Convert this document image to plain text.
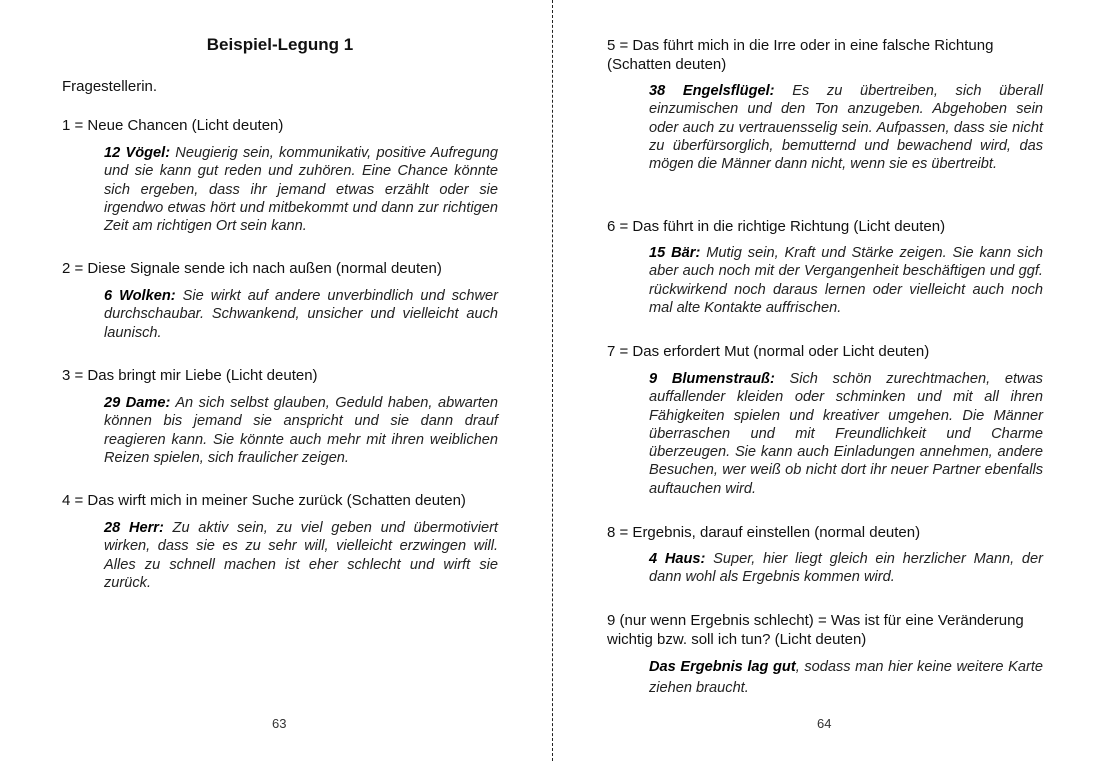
Beispiel-Legung 1
Fragestellerin.
1 = Neue Chancen (Licht deuten)
12 Vögel: Neugierig sein, kommunikativ, positive Aufregung und sie kann gut reden und zuhören. Eine Chance könnte sich ergeben, dass ihr jemand etwas erzählt oder sie irgendwo etwas hört und mitbekommt und dann zur richtigen Zeit am richtigen Ort sein kann.
2 = Diese Signale sende ich nach außen (normal deuten)
6 Wolken: Sie wirkt auf andere unverbindlich und schwer durchschaubar. Schwankend, unsicher und vielleicht auch launisch.
3 = Das bringt mir Liebe (Licht deuten)
29 Dame: An sich selbst glauben, Geduld haben, abwarten können bis jemand sie anspricht und sie dann drauf reagieren kann. Sie könnte auch mehr mit ihren weiblichen Reizen spielen, sich fraulicher zeigen.
4 = Das wirft mich in meiner Suche zurück (Schatten deuten)
28 Herr: Zu aktiv sein, zu viel geben und übermotiviert wirken, dass sie es zu sehr will, vielleicht erzwingen will. Alles zu schnell machen ist eher schlecht und wirft sie zurück.
63
5 = Das führt mich in die Irre oder in eine falsche Richtung (Schatten deuten)
38 Engelsflügel: Es zu übertreiben, sich überall einzumischen und den Ton anzugeben. Abgehoben sein oder auch zu vertrauensselig sein. Aufpassen, dass sie nicht zu überfürsorglich, bemutternd und bewachend wird, das mögen die Männer dann nicht, wenn sie es übertreibt.
6 = Das führt in die richtige Richtung (Licht deuten)
15 Bär: Mutig sein, Kraft und Stärke zeigen. Sie kann sich aber auch noch mit der Vergangenheit beschäftigen und ggf. rückwirkend noch daraus lernen oder vielleicht auch noch mal alte Kontakte auffrischen.
7 = Das erfordert Mut (normal oder Licht deuten)
9 Blumenstrauß: Sich schön zurechtmachen, etwas auffallender kleiden oder schminken und mit all ihren Fähigkeiten spielen und kreativer umgehen. Die Männer überraschen und mit Freundlichkeit und Charme überzeugen. Sie kann auch Einladungen annehmen, andere Besuchen, wer weiß ob nicht dort ihr neuer Partner ebenfalls auftauchen wird.
8 = Ergebnis, darauf einstellen (normal deuten)
4 Haus: Super, hier liegt gleich ein herzlicher Mann, der dann wohl als Ergebnis kommen wird.
9 (nur wenn Ergebnis schlecht) = Was ist für eine Veränderung wichtig bzw. soll ich tun? (Licht deuten)
Das Ergebnis lag gut, sodass man hier keine weitere Karte ziehen braucht.
64
